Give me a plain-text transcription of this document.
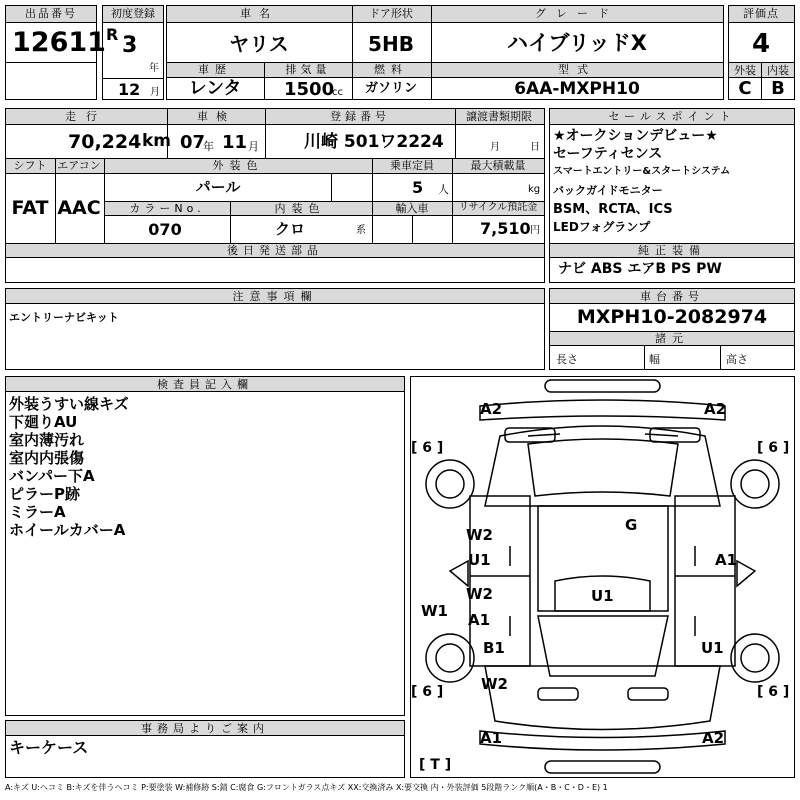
出品番号
12611
初度登録
R 3
年
12 月
車名
ヤリス
ドア形状
5HB
グレード
ハイブリッドX
車歴
レンタ
排気量
1500
cc
燃料
ガソリン
型式
6AA-MXPH10
評価点
4
外装 内装
C B
走行
70,224 km
車検
07
年 11 月
登録番号
川崎 501ワ2224
譲渡書類期限
月	日
シフト エアコン
FAT AAC
外装色
パール
乗車定員
5 人
最大積載量
kg
カラーNo.
070
内装色
クロ	系
輸入車	リサイクル預託金
7,510 円
後日発送部品
セールスポイント
★オークションデビュー★
セーフティセンス
スマートエントリー&スタートシステム
バックガイドモニター
BSM、RCTA、ICS
LEDフォグランプ
純正装備
ナビ ABS エアB PS PW
注意事項欄
エントリーナビキット
車台番号
MXPH10-2082974
諸元
長さ	幅	高さ
検査員記入欄
外装うすい線キズ
下廻りAU
室内薄汚れ
室内内張傷
バンパー下A
ピラーP跡
ミラーA
ホイールカバーA
事務局よりご案内
キーケース
A2	A2
G
W2
U1	A1
W2	U1
A1
W1
B1	U1
W2
A1	A2
[ 6 ]	[ 6 ]
[ 6 ]	[ 6 ]
[ T ]
A:キズ U:ヘコミ B:キズを伴うヘコミ P:要塗装 W:補修跡 S:錆 C:腐食 G:フロントガラス点キズ XX:交換済み X:要交換 内・外装評価 5段階ランク順(A・B・C・D・E) 1
